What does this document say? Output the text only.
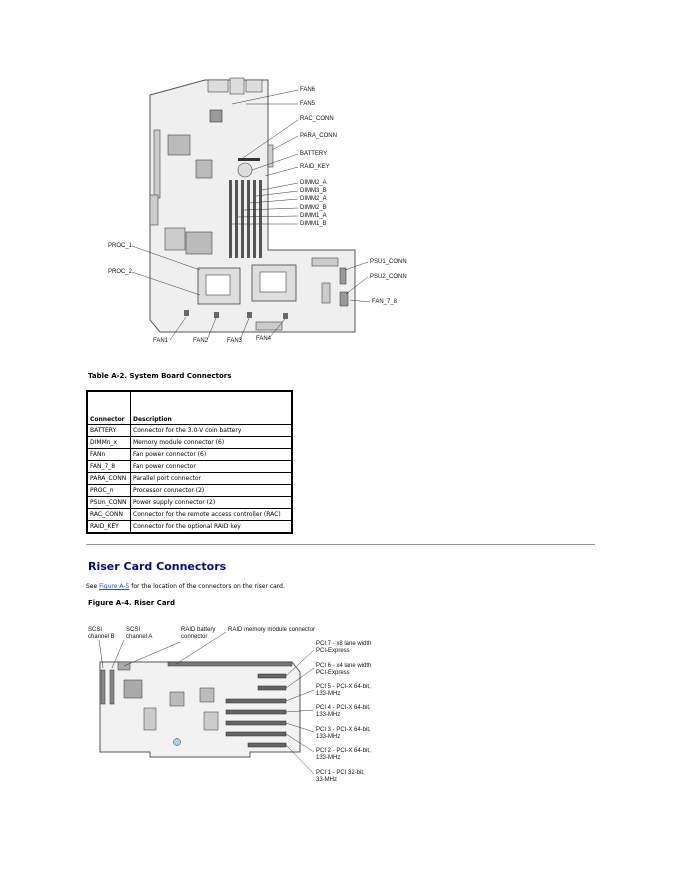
FAN6
FAN5
RAC_CONN
PARA_CONN
BATTERY
RAID_KEY
DIMM2_A
DIMM3_B
DIMM2_A
DIMM2_B
DIMM1_A
DIMM1_B
PROC_1
PROC_2
PSU1_CONN
PSU2_CONN
FAN_7_8
FAN1	FAN2	FAN3 FAN4
Table A-2. System Board Connectors
Connector	Description
BATTERY	Connector for the 3.0-V coin battery
DIMMn_x	Memory module connector (6)
FANn	Fan power connector (6)
FAN_7_8	Fan power connector
PARA_CONN	Parallel port connector
PROC_n	Processor connector (2)
PSUn_CONN	Power supply connector (2)
RAC_CONN	Connector for the remote access controller (RAC)
RAID_KEY	Connector for the optional RAID key
Riser Card Connectors
See Figure A-5 for the location of the connectors on the riser card.
Figure A-4. Riser Card
SCSI
channel B
SCSI
channel A
RAID battery
connector
RAID memory module connector
PCI 7 - x8 lane width
PCI-Express
PCI 6 - x4 lane width
PCI-Express
PCI 5 - PCI-X 64-bit,
133-MHz
PCI 4 - PCI-X 64-bit,
133-MHz
PCI 3 - PCI-X 64-bit,
133-MHz
PCI 2 - PCI-X 64-bit,
133-MHz
PCI 1 - PCI 32-bit,
33-MHz
